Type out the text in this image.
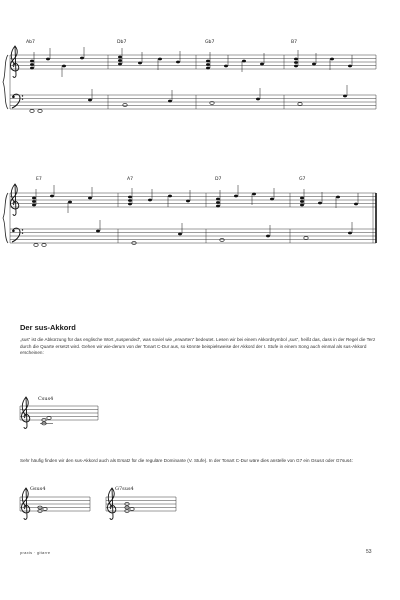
Ab7	Db7	Gb7	B7
E7	A7	D7	G7
Csus4
Gsus4	G7sus4
Der sus-Akkord
„sus“ ist die Abkürzung für das englische Wort „suspended“, was soviel wie „erwarten“ bedeutet. Lesen wir bei einem Akkordsymbol „sus“, heißt das, dass in der Regel die Terz durch die Quarte ersetzt wird. Gehen wir wie-derum von der Tonart C-Dur aus, so könnte beispielsweise der Akkord der I. Stufe in einem Song auch einmal als sus-Akkord erscheinen:
Sehr häufig finden wir den sus-Akkord auch als Ersatz für die reguläre Dominante (V. Stufe). In der Tonart C-Dur wäre dies anstelle von G7 ein Gsus4 oder G7sus4:
praxis · gitarre	53
